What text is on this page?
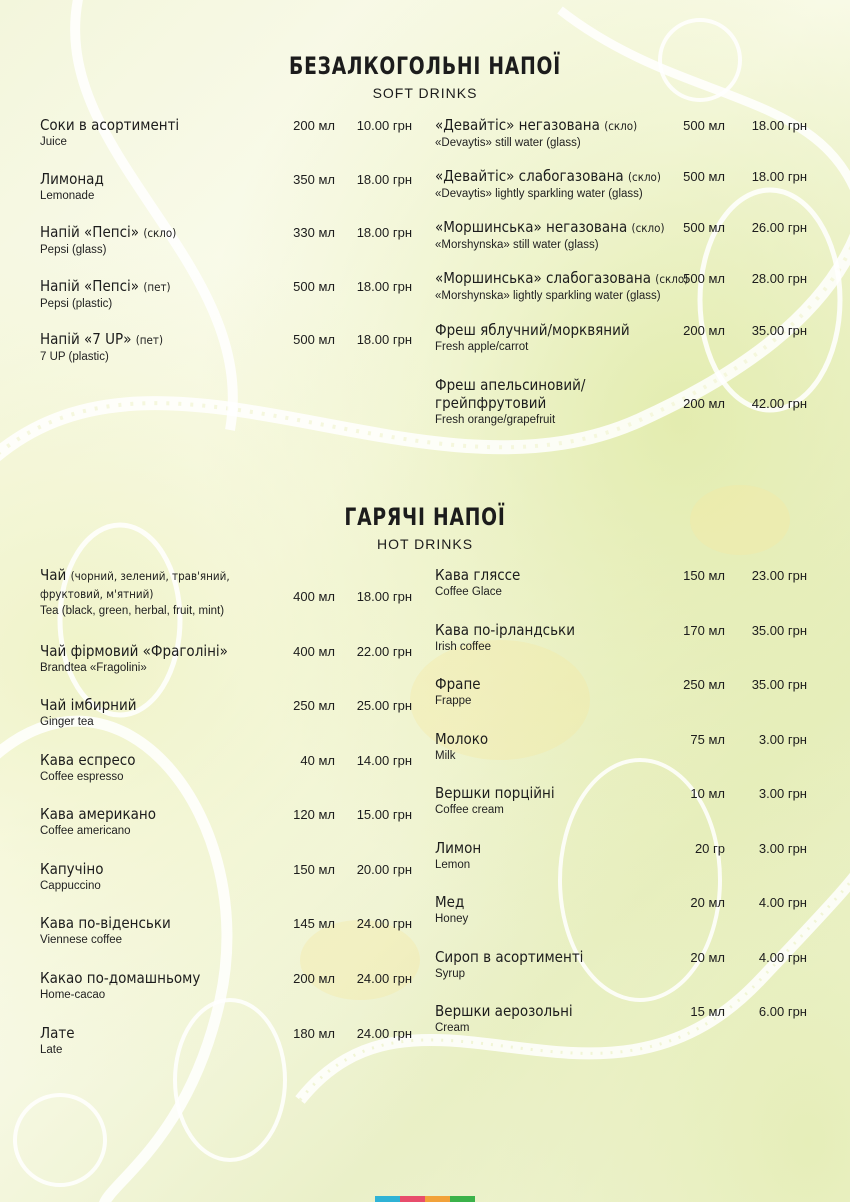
БЕЗАЛКОГОЛЬНІ НАПОЇ
SOFT DRINKS
ГАРЯЧІ НАПОЇ
HOT DRINKS
Соки в асортименті
Juice
200 мл	10.00 грн
Лимонад
Lemonade
350 мл	18.00 грн
Напій «Пепсі» (скло)
Pepsi (glass)
330 мл	18.00 грн
Напій «Пепсі» (пет)
Pepsi (plastic)
500 мл	18.00 грн
Напій «7 UP» (пет)
7 UP (plastic)
500 мл	18.00 грн
«Девайтіс» негазована (скло)
«Devaytis» still water (glass)
500 мл	18.00 грн
«Девайтіс» слабогазована (скло)
«Devaytis» lightly sparkling water (glass)
500 мл	18.00 грн
«Моршинська» негазована (скло)
«Morshynska» still water (glass)
500 мл	26.00 грн
«Моршинська» слабогазована (скло)
«Morshynska» lightly sparkling water (glass)
500 мл	28.00 грн
Фреш яблучний/морквяний
Fresh apple/carrot
200 мл	35.00 грн
Фреш апельсиновий/
грейпфрутовий
Fresh orange/grapefruit
200 мл	42.00 грн
Чай (чорний, зелений, трав'яний,
фруктовий, м'ятний)
Tea (black, green, herbal, fruit, mint)
400 мл	18.00 грн
Чай фірмовий «Фраголіні»
Brandtea «Fragolini»
400 мл	22.00 грн
Чай імбирний
Ginger tea
250 мл	25.00 грн
Кава еспресо
Coffee espresso
40 мл	14.00 грн
Кава американо
Coffee americano
120 мл	15.00 грн
Капучіно
Cappuccino
150 мл	20.00 грн
Кава по-віденськи
Viennese coffee
145 мл	24.00 грн
Какао по-домашньому
Home-cacao
200 мл	24.00 грн
Лате
Late
180 мл	24.00 грн
Кава гляссе
Coffee Glace
150 мл	23.00 грн
Кава по-ірландськи
Irish coffee
170 мл	35.00 грн
Фрапе
Frappe
250 мл	35.00 грн
Молоко
Milk
75 мл	3.00 грн
Вершки порційні
Coffee cream
10 мл	3.00 грн
Лимон
Lemon
20 гр	3.00 грн
Мед
Honey
20 мл	4.00 грн
Сироп в асортименті
Syrup
20 мл	4.00 грн
Вершки аерозольні
Cream
15 мл	6.00 грн
